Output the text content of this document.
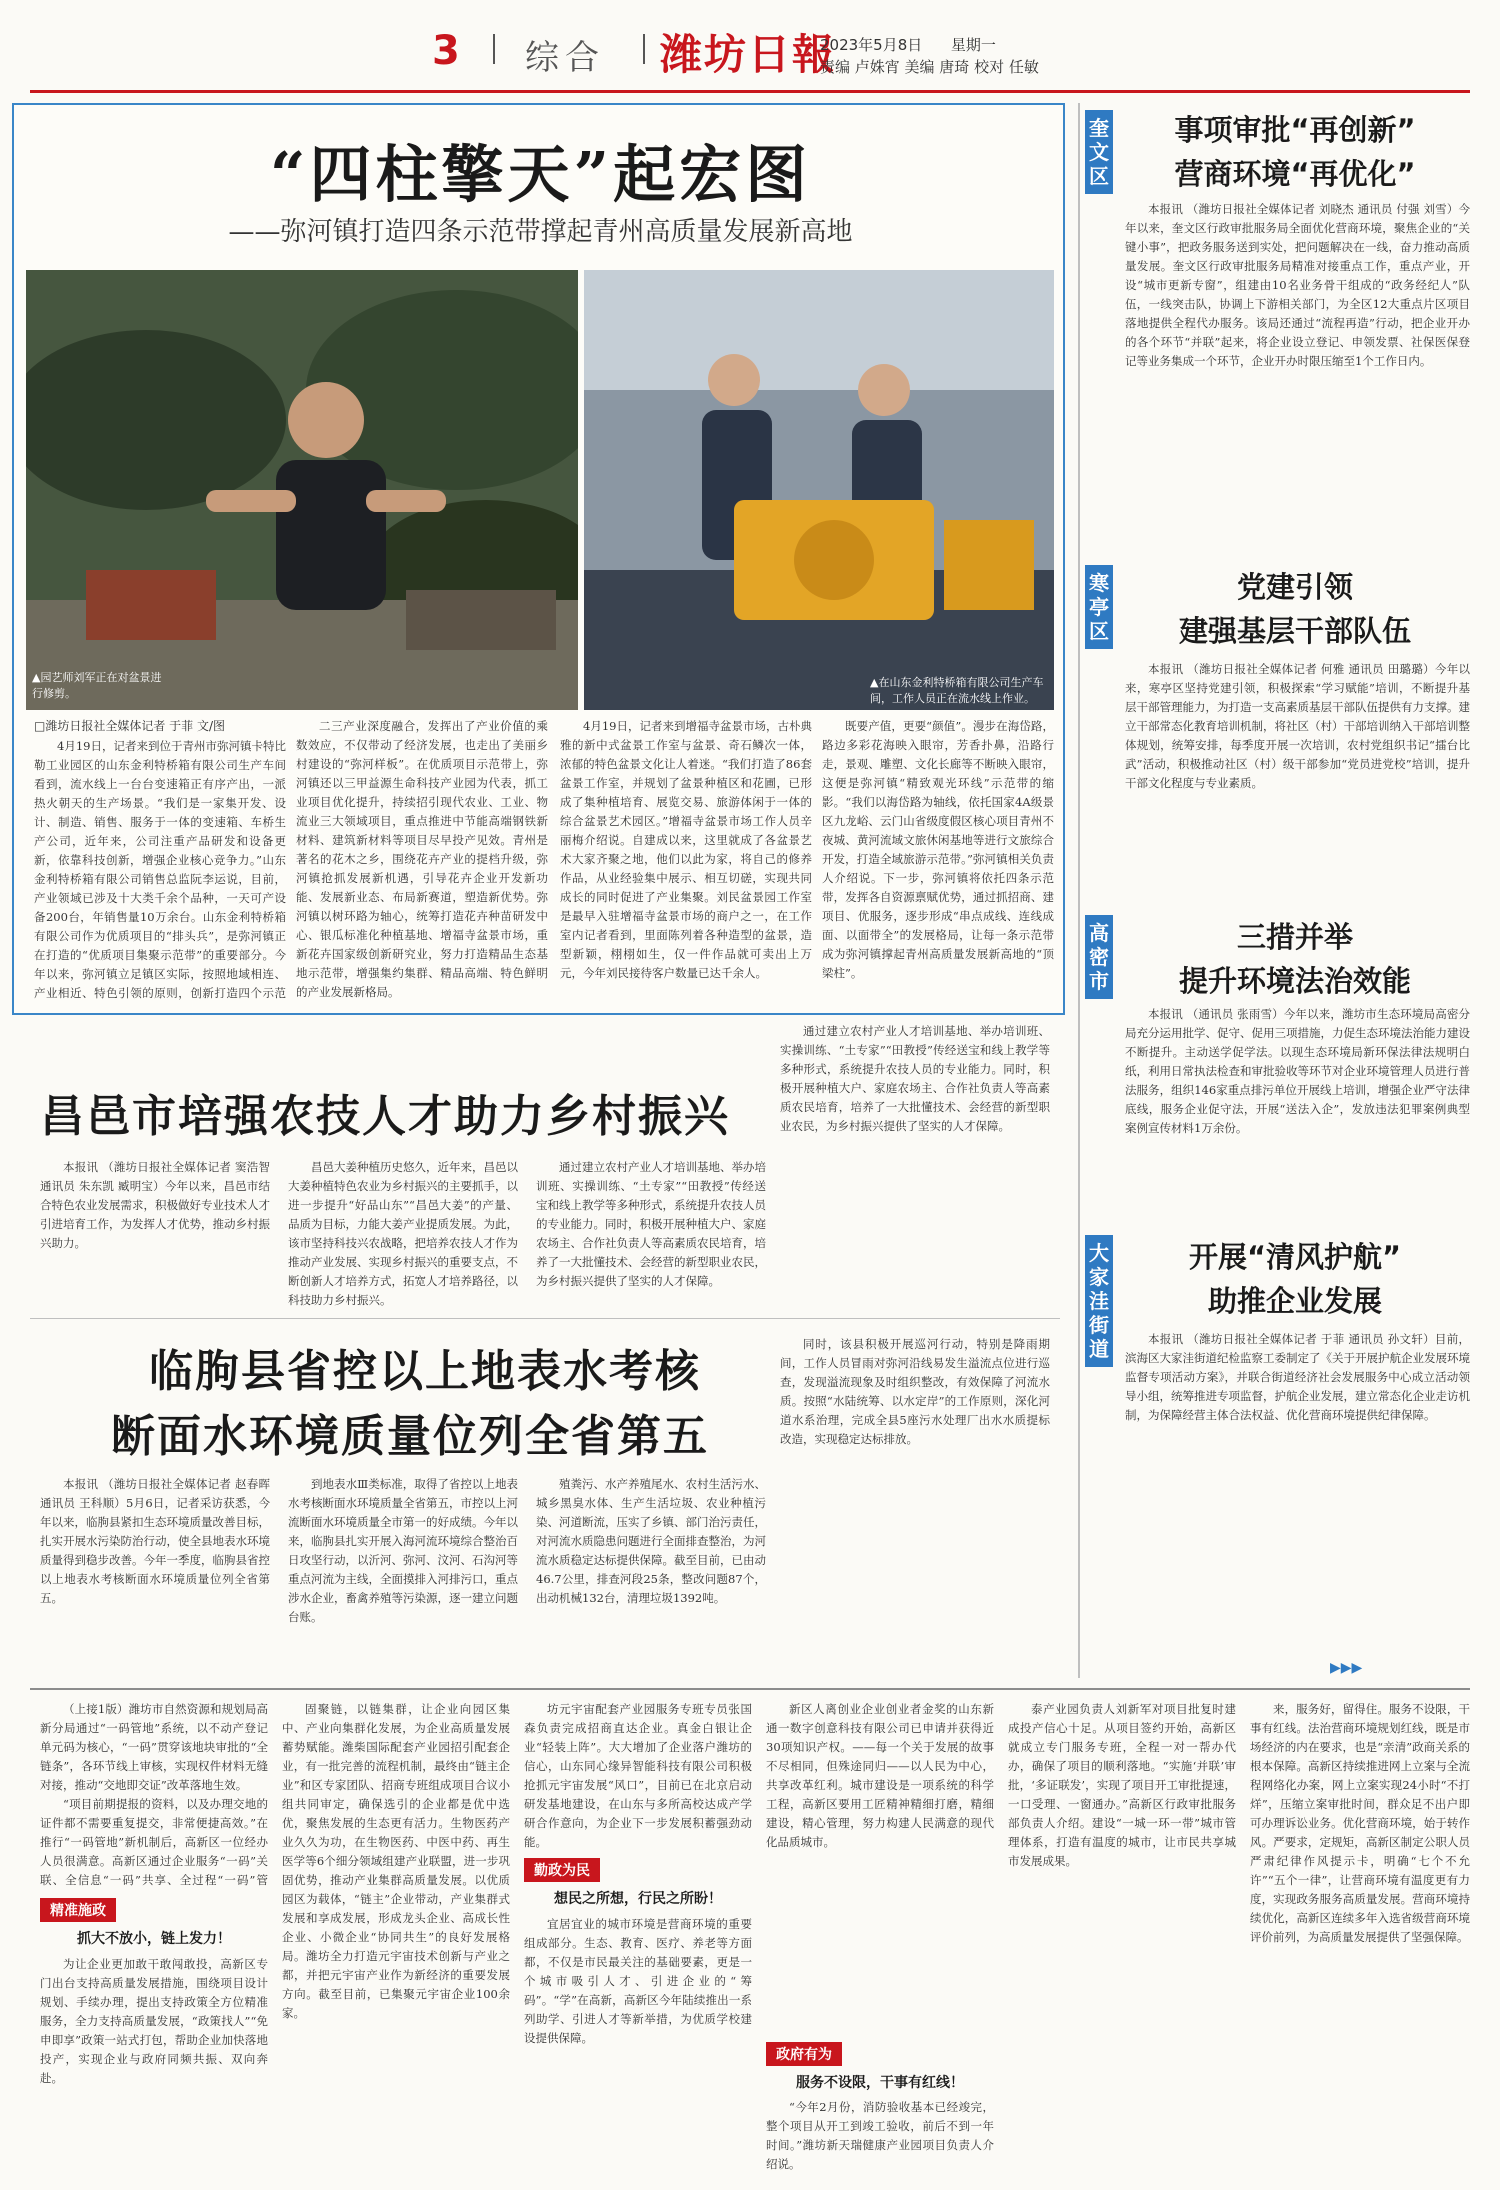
3 综合 潍坊日報
2023年5月8日 星期一
责编 卢姝宵 美编 唐琦 校对 任敏
“四柱擎天”起宏图
——弥河镇打造四条示范带撑起青州高质量发展新高地
▲园艺师刘军正在对盆景进行修剪。
▲在山东金利特桥箱有限公司生产车间，工作人员正在流水线上作业。
□潍坊日报社全媒体记者 于菲 文/图

4月19日，记者来到位于青州市弥河镇卡特比勒工业园区的山东金利特桥箱有限公司生产车间看到，流水线上一台台变速箱正有序产出，一派热火朝天的生产场景。“我们是一家集开发、设计、制造、销售、服务于一体的变速箱、车桥生产公司，近年来，公司注重产品研发和设备更新，依靠科技创新，增强企业核心竞争力。”山东金利特桥箱有限公司销售总监阮李运说，目前，产业领域已涉及十大类千余个品种，一天可产设备200台，年销售量10万余台。山东金利特桥箱有限公司作为优质项目的“排头兵”，是弥河镇正在打造的“优质项目集聚示范带”的重要部分。今年以来，弥河镇立足镇区实际，按照地域相连、产业相近、特色引领的原则，创新打造四个示范

二三产业深度融合，发挥出了产业价值的乘数效应，不仅带动了经济发展，也走出了美丽乡村建设的“弥河样板”。在优质项目示范带上，弥河镇还以三甲益源生命科技产业园为代表，抓工业项目优化提升，持续招引现代农业、工业、物流业三大领域项目，重点推进中节能高端钢铁新材料、建筑新材料等项目尽早投产见效。青州是著名的花木之乡，围绕花卉产业的提档升级，弥河镇抢抓发展新机遇，引导花卉企业开发新功能、发展新业态、布局新赛道，塑造新优势。弥河镇以树环路为轴心，统筹打造花卉种苗研发中心、银瓜标准化种植基地、增福寺盆景市场，重新花卉国家级创新研究业，努力打造精品生态基地示范带，增强集约集群、精品高端、特色鲜明的产业发展新格局。

4月19日，记者来到增福寺盆景市场，古朴典雅的新中式盆景工作室与盆景、奇石鳞次一体，浓郁的特色盆景文化让人着迷。“我们打造了86套盆景工作室，并规划了盆景种植区和花圃，已形成了集种植培育、展览交易、旅游体闲于一体的综合盆景艺术园区。”增福寺盆景市场工作人员辛丽梅介绍说。自建成以来，这里就成了各盆景艺术大家齐聚之地，他们以此为家，将自己的修养作品，从业经验集中展示、相互切磋，实现共同成长的同时促进了产业集聚。刘民盆景园工作室是最早入驻增福寺盆景市场的商户之一，在工作室内记者看到，里面陈列着各种造型的盆景，造型新颖，栩栩如生，仅一件作品就可卖出上万元，今年刘民接待客户数量已达千余人。

既要产值，更要“颜值”。漫步在海岱路，路边多彩花海映入眼帘，芳香扑鼻，沿路行走，景观、雕塑、文化长廊等不断映入眼帘，这便是弥河镇“精致观光环线”示范带的缩影。“我们以海岱路为轴线，依托国家4A级景区九龙峪、云门山省级度假区核心项目青州不夜城、黄河流域文旅休闲基地等进行文旅综合开发，打造全域旅游示范带。”弥河镇相关负责人介绍说。下一步，弥河镇将依托四条示范带，发挥各自资源禀赋优势，通过抓招商、建项目、优服务，逐步形成“串点成线、连线成面、以面带全”的发展格局，让每一条示范带成为弥河镇撑起青州高质量发展新高地的“顶梁柱”。

昌邑市培强农技人才助力乡村振兴

本报讯 （潍坊日报社全媒体记者 窦浩智 通讯员 朱东凯 臧明宝）今年以来，昌邑市结合特色农业发展需求，积极做好专业技术人才引进培育工作，为发挥人才优势，推动乡村振兴助力。

昌邑大姜种植历史悠久，近年来，昌邑以大姜种植特色农业为乡村振兴的主要抓手，以进一步提升“好品山东”“昌邑大姜”的产量、品质为目标，力能大姜产业提质发展。为此，该市坚持科技兴农战略，把培养农技人才作为推动产业发展、实现乡村振兴的重要支点，不断创新人才培养方式，拓宽人才培养路径，以科技助力乡村振兴。

通过建立农村产业人才培训基地、举办培训班、实操训练、“土专家”“田教授”传经送宝和线上教学等多种形式，系统提升农技人员的专业能力。同时，积极开展种植大户、家庭农场主、合作社负责人等高素质农民培育，培养了一大批懂技术、会经营的新型职业农民，为乡村振兴提供了坚实的人才保障。

通过建立农村产业人才培训基地、举办培训班、实操训练、“土专家”“田教授”传经送宝和线上教学等多种形式，系统提升农技人员的专业能力。同时，积极开展种植大户、家庭农场主、合作社负责人等高素质农民培育，培养了一大批懂技术、会经营的新型职业农民，为乡村振兴提供了坚实的人才保障。

临朐县省控以上地表水考核
断面水环境质量位列全省第五

本报讯 （潍坊日报社全媒体记者 赵春晖 通讯员 王科顺）5月6日，记者采访获悉，今年以来，临朐县紧扣生态环境质量改善目标，扎实开展水污染防治行动，使全县地表水环境质量得到稳步改善。今年一季度，临朐县省控以上地表水考核断面水环境质量位列全省第五。

到地表水Ⅲ类标准，取得了省控以上地表水考核断面水环境质量全省第五，市控以上河流断面水环境质量全市第一的好成绩。今年以来，临朐县扎实开展入海河流环境综合整治百日攻坚行动，以沂河、弥河、汶河、石沟河等重点河流为主线，全面摸排入河排污口，重点涉水企业，畜禽养殖等污染源，逐一建立问题台账。

殖粪污、水产养殖尾水、农村生活污水、城乡黑臭水体、生产生活垃圾、农业种植污染、河道断流，压实了乡镇、部门治污责任，对河流水质隐患问题进行全面排查整治，为河流水质稳定达标提供保障。截至目前，已由动46.7公里，排查河段25条，整改问题87个，出动机械132台，清理垃圾1392吨。

同时，该县积极开展巡河行动，特别是降雨期间，工作人员冒雨对弥河沿线易发生溢流点位进行巡查，发现溢流现象及时组织整改，有效保障了河流水质。按照“水陆统筹、以水定岸”的工作原则，深化河道水系治理，完成全县5座污水处理厂出水水质提标改造，实现稳定达标排放。

奎文区
事项审批“再创新”
营商环境“再优化”

本报讯 （潍坊日报社全媒体记者 刘晓杰 通讯员 付强 刘雪）今年以来，奎文区行政审批服务局全面优化营商环境，聚焦企业的“关键小事”，把政务服务送到实处，把问题解决在一线，奋力推动高质量发展。奎文区行政审批服务局精准对接重点工作，重点产业，开设“城市更新专窗”，组建由10名业务骨干组成的“政务经纪人”队伍，一线突击队，协调上下游相关部门，为全区12大重点片区项目落地提供全程代办服务。该局还通过“流程再造”行动，把企业开办的各个环节“并联”起来，将企业设立登记、申领发票、社保医保登记等业务集成一个环节，企业开办时限压缩至1个工作日内。

寒亭区
党建引领
建强基层干部队伍

本报讯 （潍坊日报社全媒体记者 何雅 通讯员 田璐璐）今年以来，寒亭区坚持党建引领，积极探索“学习赋能”培训，不断提升基层干部管理能力，为打造一支高素质基层干部队伍提供有力支撑。建立干部常态化教育培训机制，将社区（村）干部培训纳入干部培训整体规划，统筹安排，每季度开展一次培训，农村党组织书记“擂台比武”活动，积极推动社区（村）级干部参加“党员进党校”培训，提升干部文化程度与专业素质。

高密市
三措并举
提升环境法治效能

本报讯 （通讯员 张雨雪）今年以来，潍坊市生态环境局高密分局充分运用批学、促守、促用三项措施，力促生态环境法治能力建设不断提升。主动送学促学法。以现生态环境局新环保法律法规明白纸，利用日常执法检查和审批验收等环节对企业环境管理人员进行普法服务，组织146家重点排污单位开展线上培训，增强企业严守法律底线，服务企业促守法，开展“送法入企”，发放违法犯罪案例典型案例宣传材料1万余份。

大家洼街道
开展“清风护航”
助推企业发展

本报讯 （潍坊日报社全媒体记者 于菲 通讯员 孙文轩）目前，滨海区大家洼街道纪检监察工委制定了《关于开展护航企业发展环境监督专项活动方案》，并联合街道经济社会发展服务中心成立活动领导小组，统筹推进专项监督，护航企业发展，建立常态化企业走访机制，为保障经营主体合法权益、优化营商环境提供纪律保障。

▶▶▶

（上接1版）潍坊市自然资源和规划局高新分局通过“一码管地”系统，以不动产登记单元码为核心，“一码”贯穿该地块审批的“全链条”，各环节线上审核，实现权件材料无缝对接，推动“交地即交证”改革落地生效。

“项目前期提报的资料，以及办理交地的证件都不需要重复提交，非常便捷高效。”在推行“一码管地”新机制后，高新区一位经办人员很满意。高新区通过企业服务“一码”关联、全信息“一码”共享、全过程“一码”管

精准施政
抓大不放小，链上发力！

为让企业更加敢干敢闯敢投，高新区专门出台支持高质量发展措施，围绕项目设计规划、手续办理，提出支持政策全方位精准服务，全力支持高质量发展，“政策找人”“免申即享”政策一站式打包，帮助企业加快落地投产，实现企业与政府同频共振、双向奔赴。

固聚链，以链集群，让企业向园区集中、产业向集群化发展，为企业高质量发展蓄势赋能。潍柴国际配套产业园招引配套企业，有一批完善的流程机制，最终由“链主企业”和区专家团队、招商专班组成项目合议小组共同审定，确保选引的企业都是优中选优，聚焦发展的生态更有活力。生物医药产业久久为功，在生物医药、中医中药、再生医学等6个细分领域组建产业联盟，进一步巩固优势，推动产业集群高质量发展。以优质园区为载体，“链主”企业带动，产业集群式发展和享成发展，形成龙头企业、高成长性企业、小微企业“协同共生”的良好发展格局。潍坊全力打造元宇宙技术创新与产业之都，并把元宇宙产业作为新经济的重要发展方向。截至目前，已集聚元宇宙企业100余家。

坊元宇宙配套产业园服务专班专员张国森负责完成招商直达企业。真金白银让企业“轻装上阵”。大大增加了企业落户潍坊的信心，山东同心缘异智能科技有限公司积极抢抓元宇宙发展“风口”，目前已在北京启动研发基地建设，在山东与多所高校达成产学研合作意向，为企业下一步发展积蓄强劲动能。

勤政为民
想民之所想，行民之所盼！

宜居宜业的城市环境是营商环境的重要组成部分。生态、教育、医疗、养老等方面都，不仅是市民最关注的基础要素，更是一个城市吸引人才、引进企业的“筹码”。“学”在高新，高新区今年陆续推出一系列助学、引进人才等新举措，为优质学校建设提供保障。

新区人离创业企业创业者金奖的山东新通一数字创意科技有限公司已申请并获得近30项知识产权。——每一个关于发展的故事不尽相同，但殊途同归——以人民为中心，共享改革红利。城市建设是一项系统的科学工程，高新区要用工匠精神精细打磨，精细建设，精心管理，努力构建人民满意的现代化品质城市。

政府有为
服务不设限，干事有红线！

“今年2月份，消防验收基本已经竣完，整个项目从开工到竣工验收，前后不到一年时间。”潍坊新天瑞健康产业园项目负责人介绍说。

泰产业园负责人刘新军对项目批复时建成投产信心十足。从项目签约开始，高新区就成立专门服务专班，全程一对一帮办代办，确保了项目的顺利落地。“实施‘并联’审批，‘多证联发’，实现了项目开工审批提速，一口受理、一窗通办。”高新区行政审批服务部负责人介绍。建设“一城一环一带”城市管理体系，打造有温度的城市，让市民共享城市发展成果。

来，服务好，留得住。服务不设限，干事有红线。法治营商环境规划红线，既是市场经济的内在要求，也是“亲清”政商关系的根本保障。高新区持续推进网上立案与全流程网络化办案，网上立案实现24小时“不打烊”，压缩立案审批时间，群众足不出户即可办理诉讼业务。优化营商环境，始于转作风。严要求，定规矩，高新区制定公职人员严肃纪律作风提示卡，明确“七个不允许”“五个一律”，让营商环境有温度更有力度，实现政务服务高质量发展。营商环境持续优化，高新区连续多年入选省级营商环境评价前列，为高质量发展提供了坚强保障。
